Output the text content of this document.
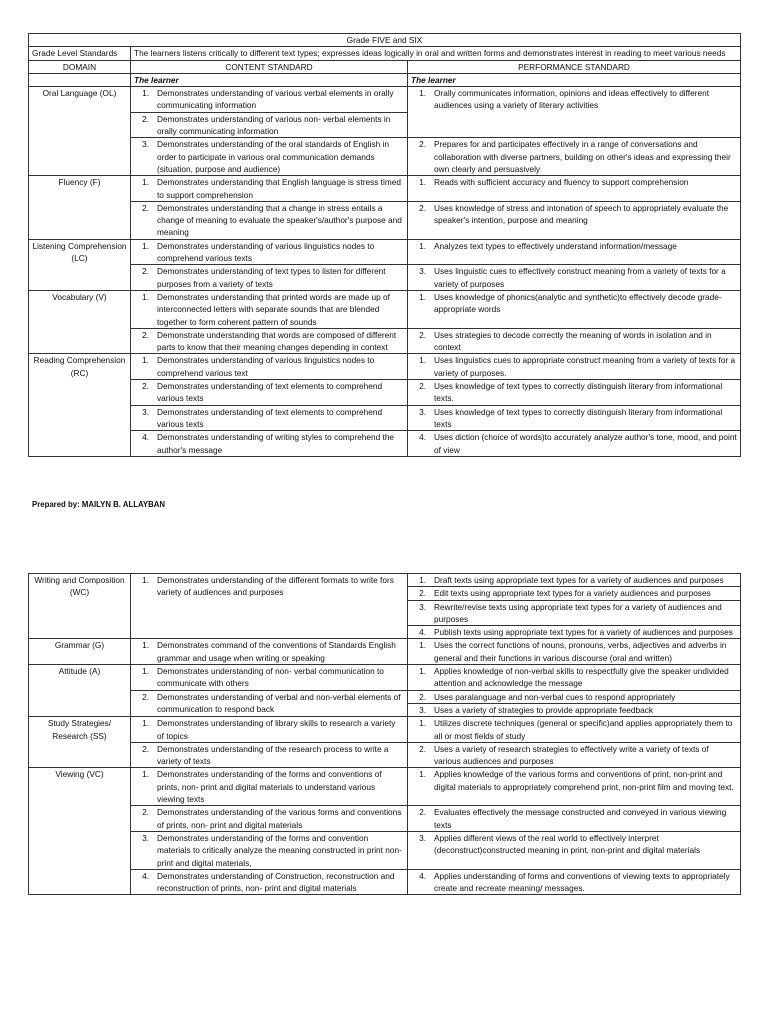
Grade FIVE and SIX		
Grade Level Standards	The learners listens critically to different text types; expresses ideas logically in oral and written forms and demonstrates interest in reading to meet various needs	
DOMAIN	CONTENT STANDARD	PERFORMANCE STANDARD
	The learner	The learner
Oral Language (OL)	1. Demonstrates understanding of various verbal elements in orally communicating information	1. Orally communicates information, opinions and ideas effectively to different audiences using a variety of literary activities

	2. Demonstrates understanding of various non- verbal elements in orally communicating information	

	3. Demonstrates understanding of the oral standards of English in order to participate in various oral communication demands (situation, purpose and audience)	2. Prepares for and participates effectively in a range of conversations and collaboration with diverse partners, building on other's ideas and expressing their own clearly and persuasively

Fluency (F)	1. Demonstrates understanding that English language is stress timed to support comprehension	1. Reads with sufficient accuracy and fluency to support comprehension

	2. Demonstrates understanding that a change in stress entails a change of meaning to evaluate the speaker's/author's purpose and meaning	2. Uses knowledge of stress and intonation of speech to appropriately evaluate the speaker's intention, purpose and meaning

Listening Comprehension (LC)	1. Demonstrates understanding of various linguistics nodes to comprehend various texts	1. Analyzes text types to effectively understand information/message

	2. Demonstrates understanding of text types to listen for different purposes from a variety of texts	3. Uses linguistic cues to effectively construct meaning from a variety of texts for a variety of purposes

Vocabulary (V)	1. Demonstrates understanding that printed words are made up of interconnected letters with separate sounds that are blended together to form coherent pattern of sounds	1. Uses knowledge of phonics(analytic and synthetic)to effectively decode grade- appropriate words

	2. Demonstrate understanding that words are composed of different parts to know that their meaning changes depending in context	2. Uses strategies to decode correctly the meaning of words in isolation and in context

Reading Comprehension (RC)	1. Demonstrates understanding of various linguistics nodes to comprehend various text	1. Uses linguistics cues to appropriate construct meaning from a variety of texts for a variety of purposes.

	2. Demonstrates understanding of text elements to comprehend various texts	2. Uses knowledge of text types to correctly distinguish literary from informational texts.

	3. Demonstrates understanding of text elements to comprehend various texts	3. Uses knowledge of text types to correctly distinguish literary from informational texts

	4. Demonstrates understanding of writing styles to comprehend the author's message	4. Uses diction (choice of words)to accurately analyze author's tone, mood, and point of view
Prepared by: MAILYN B. ALLAYBAN
Writing and Composition (WC)	1. Demonstrates understanding of the different formats to write fors variety of audiences and purposes	1. Draft texts using appropriate text types for a variety of audiences and purposes

		2. Edit texts using appropriate text types for a variety audiences and purposes

		3. Rewrite/revise texts using appropriate text types for a variety of audiences and purposes

		4. Publish texts using appropriate text types for a variety of audiences and purposes

Grammar (G)	1. Demonstrates command of the conventions of Standards English grammar and usage when writing or speaking	1. Uses the correct functions of nouns, pronouns, verbs, adjectives and adverbs in general and their functions in various discourse (oral and written)

Attitude (A)	1. Demonstrates understanding of non- verbal communication to communicate with others	1. Applies knowledge of non-verbal skills to respectfully give the speaker undivided attention and acknowledge the message

	2. Demonstrates understanding of verbal and non-verbal elements of communication to respond back	2. Uses paralanguage and non-verbal cues to respond appropriately

		3. Uses a variety of strategies to provide appropriate feedback

Study Strategies/ Research (SS)	1. Demonstrates understanding of library skills to research a variety of topics	1. Utilizes discrete techniques (general or specific)and applies appropriately them to all or most fields of study

	2. Demonstrates understanding of the research process to write a variety of texts	2. Uses a variety of research strategies to effectively write a variety of texts of various audiences and purposes

Viewing (VC)	1. Demonstrates understanding of the forms and conventions of prints, non- print and digital materials to understand various viewing texts	1. Applies knowledge of the various forms and conventions of print, non-print and digital materials to appropriately comprehend print, non-print film and moving text.

	2. Demonstrates understanding of the various forms and conventions of prints, non- print and digital materials	2. Evaluates effectively the message constructed and conveyed in various viewing texts

	3. Demonstrates understanding of the forms and convention materials to critically analyze the meaning constructed in print non-print and digital materials,	3. Applies different views of the real world to effectively interpret (deconstruct)constructed meaning in print, non-print and digital materials

	4. Demonstrates understanding of Construction, reconstruction and reconstruction of prints, non- print and digital materials	4. Applies understanding of forms and conventions of viewing texts to appropriately create and recreate meaning/ messages.
